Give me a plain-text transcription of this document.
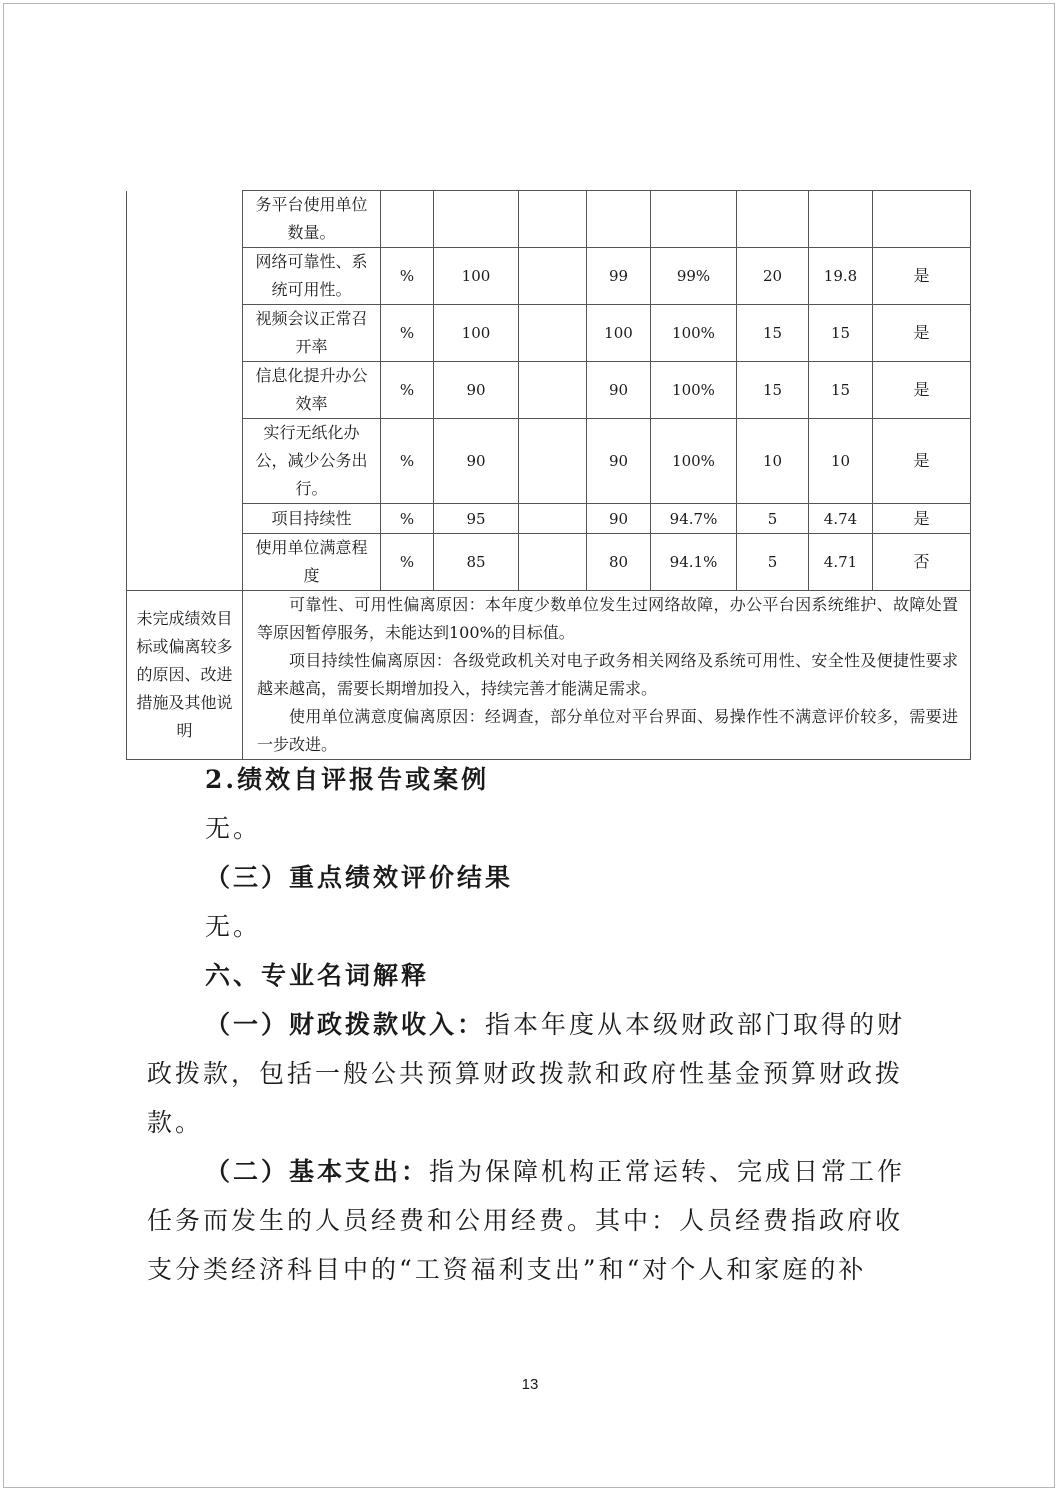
	务平台使用单位数量。								
	网络可靠性、系统可用性。	%	100		99	99%	20	19.8	是
	视频会议正常召开率	%	100		100	100%	15	15	是
	信息化提升办公效率	%	90		90	100%	15	15	是
	实行无纸化办公，减少公务出行。	%	90		90	100%	10	10	是
	项目持续性	%	95		90	94.7%	5	4.74	是
	使用单位满意程度	%	85		80	94.1%	5	4.71	否
未完成绩效目标或偏离较多的原因、改进措施及其他说明	可靠性、可用性偏离原因：本年度少数单位发生过网络故障，办公平台因系统维护、故障处置等原因暂停服务，未能达到100%的目标值。

项目持续性偏离原因：各级党政机关对电子政务相关网络及系统可用性、安全性及便捷性要求越来越高，需要长期增加投入，持续完善才能满足需求。

使用单位满意度偏离原因：经调查，部分单位对平台界面、易操作性不满意评价较多，需要进一步改进。								

2.绩效自评报告或案例

无。

（三）重点绩效评价结果

无。

六、专业名词解释

（一）财政拨款收入：指本年度从本级财政部门取得的财政拨款，包括一般公共预算财政拨款和政府性基金预算财政拨款。

（二）基本支出：指为保障机构正常运转、完成日常工作任务而发生的人员经费和公用经费。其中：人员经费指政府收支分类经济科目中的“工资福利支出”和“对个人和家庭的补

13
